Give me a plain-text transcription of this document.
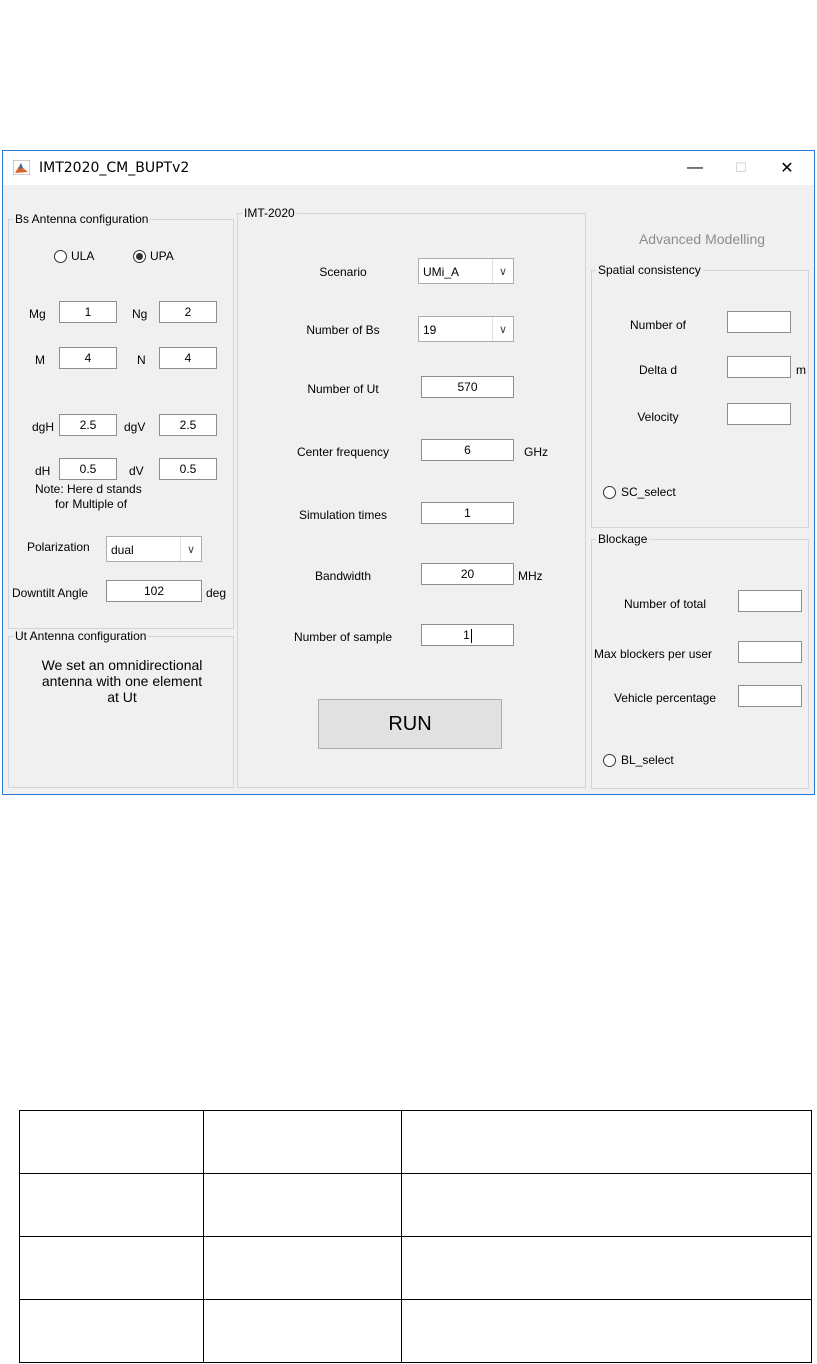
IMT2020_CM_BUPTv2	—	☐	✕
Bs Antenna configuration
ULA	UPA
Mg	1	Ng	2
M	4	N	4
dgH	2.5	dgV	2.5
dH	0.5	dV	0.5
Note: Here d stands
for Multiple of
Polarization dual	∨
Downtilt Angle	102	deg
Ut Antenna configuration
We set an omnidirectional
antenna with one element
at Ut
IMT-2020
Scenario	UMi_A	∨
Number of Bs	19	∨
Number of Ut	570
Center frequency	6	GHz
Simulation times	1
Bandwidth	20	MHz
Number of sample	1
RUN
Advanced Modelling
Spatial consistency
Number of
Delta d	m
Velocity
SC_select
Blockage
Number of total
Max blockers per user
Vehicle percentage
BL_select
